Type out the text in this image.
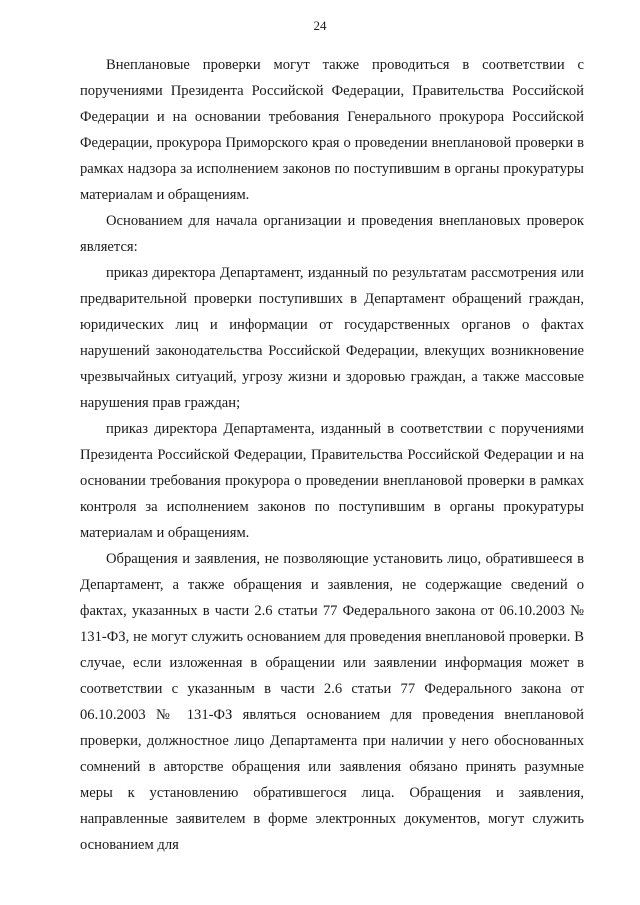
24

Внеплановые проверки могут также проводиться в соответствии с поручениями Президента Российской Федерации, Правительства Российской Федерации и на основании требования Генерального прокурора Российской Федерации, прокурора Приморского края о проведении внеплановой проверки в рамках надзора за исполнением законов по поступившим в органы прокуратуры материалам и обращениям.

Основанием для начала организации и проведения внеплановых проверок является:

приказ директора Департамент, изданный по результатам рассмотрения или предварительной проверки поступивших в Департамент обращений граждан, юридических лиц и информации от государственных органов о фактах нарушений законодательства Российской Федерации, влекущих возникновение чрезвычайных ситуаций, угрозу жизни и здоровью граждан, а также массовые нарушения прав граждан;

приказ директора Департамента, изданный в соответствии с поручениями Президента Российской Федерации, Правительства Российской Федерации и на основании требования прокурора о проведении внеплановой проверки в рамках контроля за исполнением законов по поступившим в органы прокуратуры материалам и обращениям.

Обращения и заявления, не позволяющие установить лицо, обратившееся в Департамент, а также обращения и заявления, не содержащие сведений о фактах, указанных в части 2.6 статьи 77 Федерального закона от 06.10.2003 № 131-ФЗ, не могут служить основанием для проведения внеплановой проверки. В случае, если изложенная в обращении или заявлении информация может в соответствии с указанным в части 2.6 статьи 77 Федерального закона от 06.10.2003 № 131-ФЗ являться основанием для проведения внеплановой проверки, должностное лицо Департамента при наличии у него обоснованных сомнений в авторстве обращения или заявления обязано принять разумные меры к установлению обратившегося лица. Обращения и заявления, направленные заявителем в форме электронных документов, могут служить основанием для
